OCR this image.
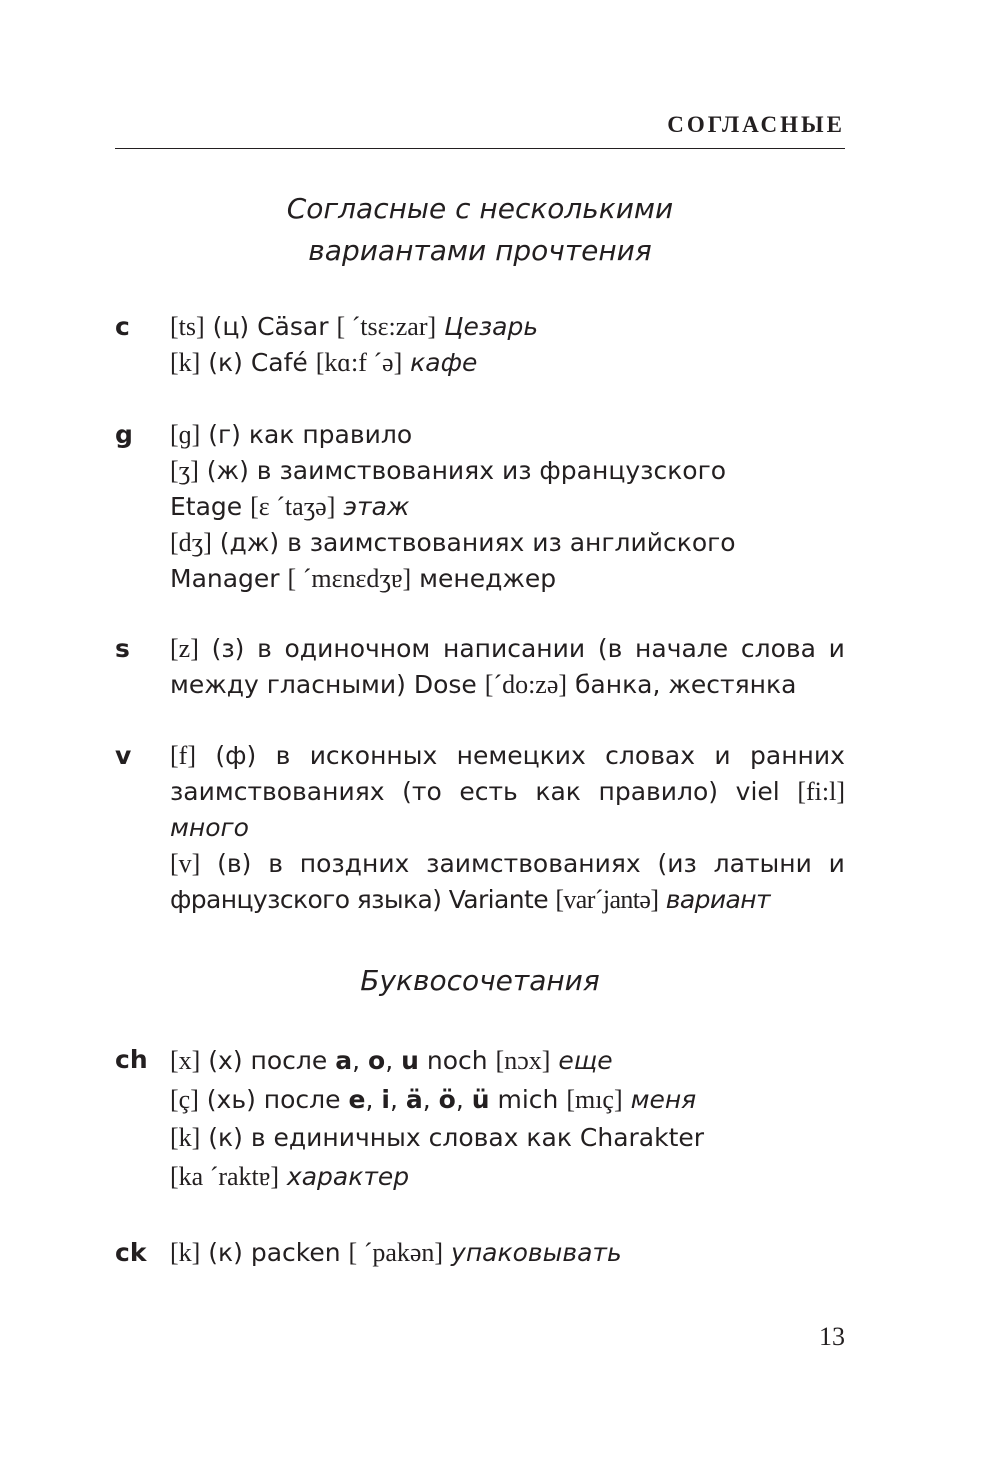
СОГЛАСНЫЕ
Согласные с несколькими
вариантами прочтения
c [ts] (ц) Cäsar [ ´tsɛ:zar] Цезарь
[k] (к) Café [kɑ:f ´ə] кафе
g [ɡ] (г) как правило
[ʒ] (ж) в заимствованиях из французского
Etage [ɛ ´taʒə] этаж
[dʒ] (дж) в заимствованиях из английского
Manager [ ´mɛnɛdʒɐ] менеджер
s [z] (з) в одиночном написании (в начале слова и
между гласными) Dose [´do:zə] банка, жестянка
v [f] (ф) в исконных немецких словах и ранних
заимствованиях (то есть как правило) viel [fi:l]
много
[v] (в) в поздних заимствованиях (из латыни и
французского языка) Variante [var´jantə] вариант
Буквосочетания
ch [x] (х) после a, o, u noch [nɔx] еще
[ç] (хь) после e, i, ä, ö, ü mich [mıç] меня
[k] (к) в единичных словах как Charakter
[ka ´raktɐ] характер
ck [k] (к) packen [ ´pakən] упаковывать
13
